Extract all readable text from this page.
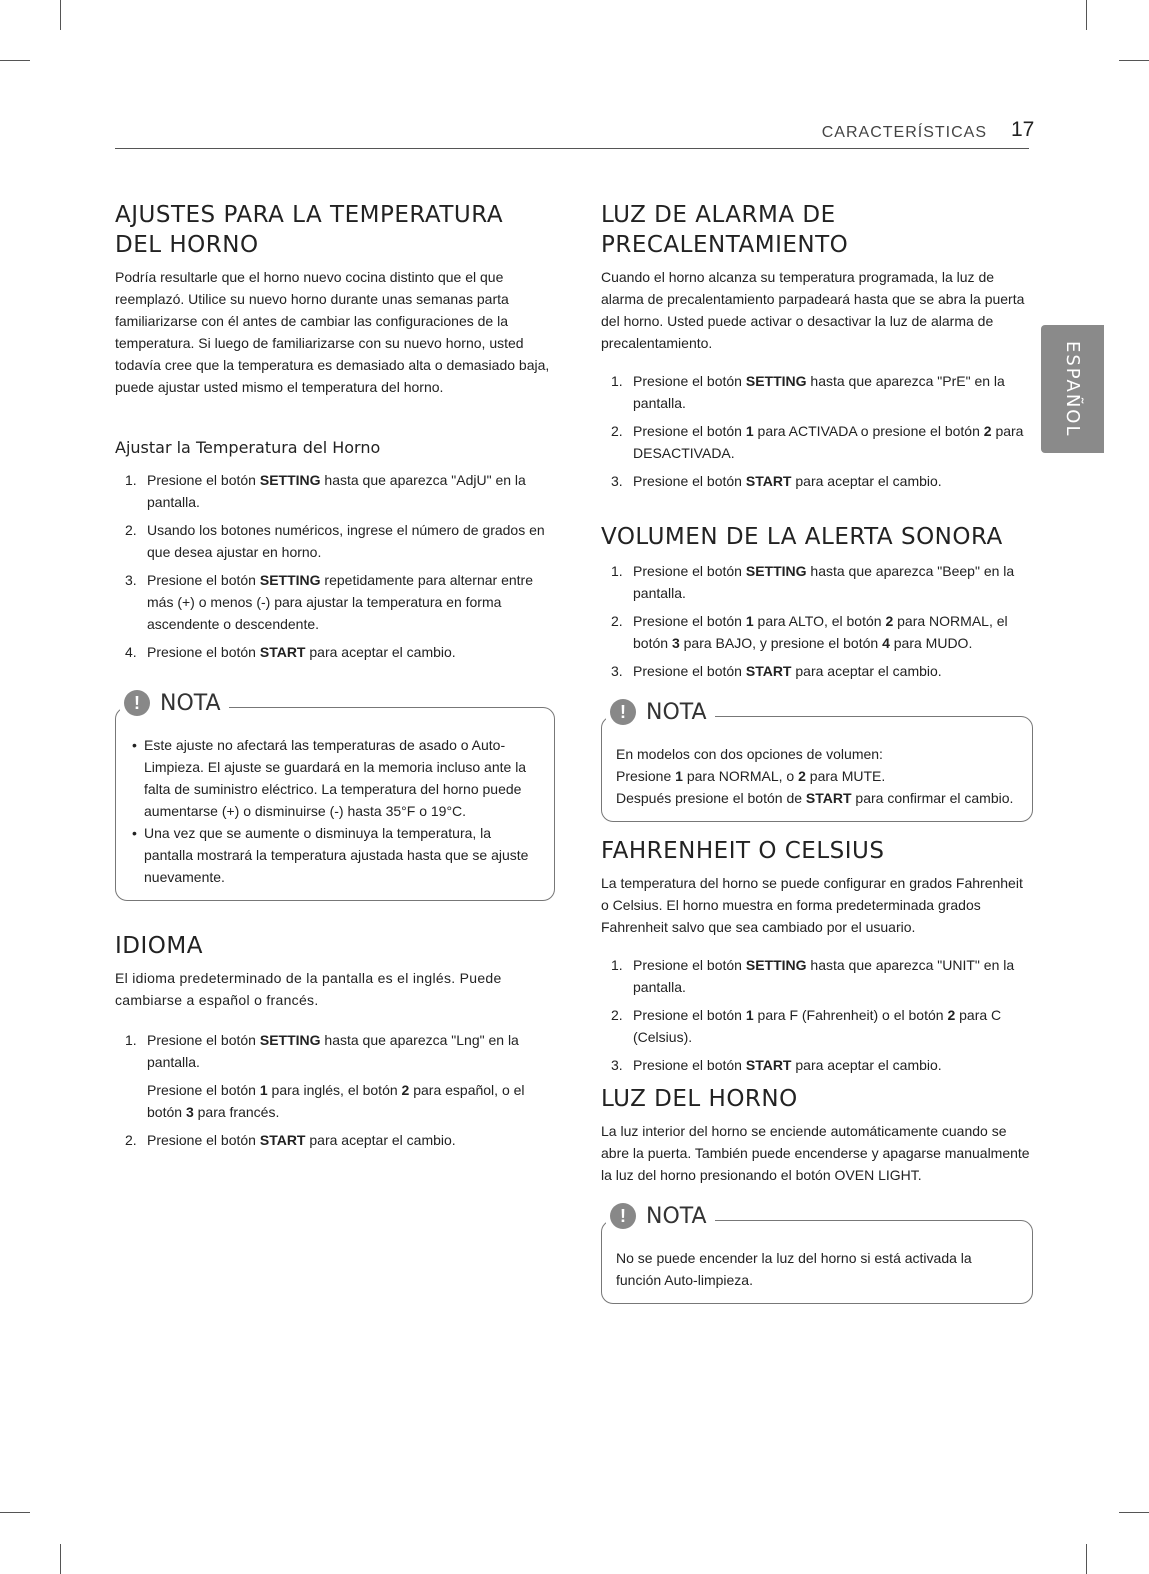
CARACTERÍSTICAS 17
ESPAÑOL
AJUSTES PARA LA TEMPERATURA DEL HORNO

Podría resultarle que el horno nuevo cocina distinto que el que reemplazó. Utilice su nuevo horno durante unas semanas parta familiarizarse con él antes de cambiar las configuraciones de la temperatura. Si luego de familiarizarse con su nuevo horno, usted todavía cree que la temperatura es demasiado alta o demasiado baja, puede ajustar usted mismo el temperatura del horno.

Ajustar la Temperatura del Horno
1. Presione el botón SETTING hasta que aparezca "AdjU" en la pantalla.
2. Usando los botones numéricos, ingrese el número de grados en que desea ajustar en horno.
3. Presione el botón SETTING repetidamente para alternar entre más (+) o menos (-) para ajustar la temperatura en forma ascendente o descendente.
4. Presione el botón START para aceptar el cambio.
! NOTA
• Este ajuste no afectará las temperaturas de asado o Auto-Limpieza. El ajuste se guardará en la memoria incluso ante la falta de suministro eléctrico. La temperatura del horno puede aumentarse (+) o disminuirse (-) hasta 35°F o 19°C.
• Una vez que se aumente o disminuya la temperatura, la pantalla mostrará la temperatura ajustada hasta que se ajuste nuevamente.
IDIOMA

El idioma predeterminado de la pantalla es el inglés. Puede cambiarse a español o francés.

1. Presione el botón SETTING hasta que aparezca "Lng" en la pantalla.
Presione el botón 1 para inglés, el botón 2 para español, o el botón 3 para francés.
2. Presione el botón START para aceptar el cambio.
LUZ DE ALARMA DE PRECALENTAMIENTO

Cuando el horno alcanza su temperatura programada, la luz de alarma de precalentamiento parpadeará hasta que se abra la puerta del horno. Usted puede activar o desactivar la luz de alarma de precalentamiento.

1. Presione el botón SETTING hasta que aparezca "PrE" en la pantalla.
2. Presione el botón 1 para ACTIVADA o presione el botón 2 para DESACTIVADA.
3. Presione el botón START para aceptar el cambio.
VOLUMEN DE LA ALERTA SONORA
1. Presione el botón SETTING hasta que aparezca "Beep" en la pantalla.
2. Presione el botón 1 para ALTO, el botón 2 para NORMAL, el botón 3 para BAJO, y presione el botón 4 para MUDO.
3. Presione el botón START para aceptar el cambio.
! NOTA

En modelos con dos opciones de volumen:

Presione 1 para NORMAL, o 2 para MUTE.

Después presione el botón de START para confirmar el cambio.

FAHRENHEIT O CELSIUS

La temperatura del horno se puede configurar en grados Fahrenheit o Celsius. El horno muestra en forma predeterminada grados Fahrenheit salvo que sea cambiado por el usuario.

1. Presione el botón SETTING hasta que aparezca "UNIT" en la pantalla.
2. Presione el botón 1 para F (Fahrenheit) o el botón 2 para C (Celsius).
3. Presione el botón START para aceptar el cambio.
LUZ DEL HORNO

La luz interior del horno se enciende automáticamente cuando se abre la puerta. También puede encenderse y apagarse manualmente la luz del horno presionando el botón OVEN LIGHT.

! NOTA

No se puede encender la luz del horno si está activada la función Auto-limpieza.
